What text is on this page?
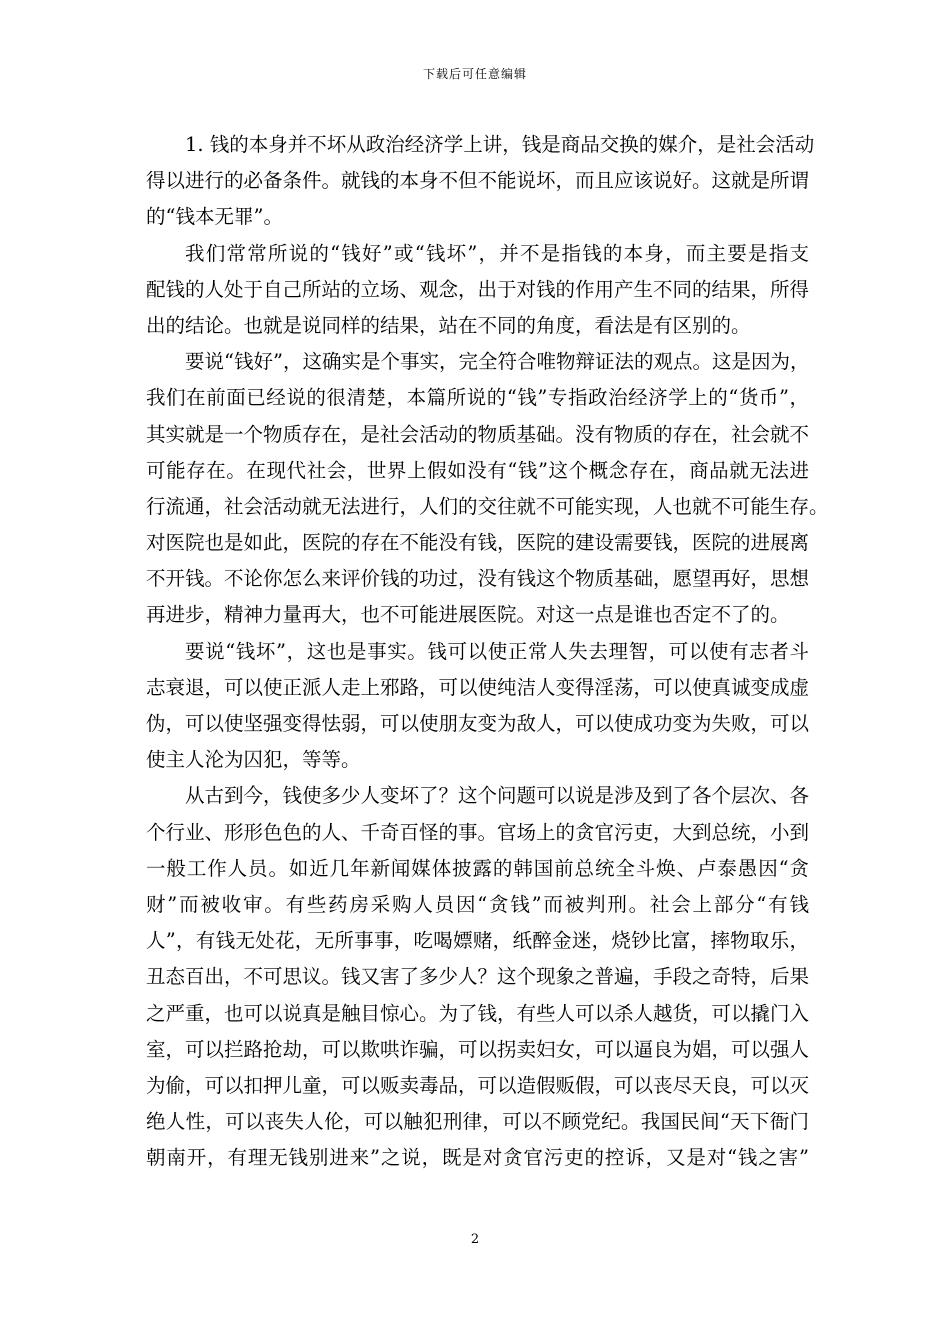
下载后可任意编辑
1. 钱的本身并不坏从政治经济学上讲，钱是商品交换的媒介，是社会活动
得以进行的必备条件。就钱的本身不但不能说坏，而且应该说好。这就是所谓
的“钱本无罪”。
我们常常所说的“钱好”或“钱坏”，并不是指钱的本身，而主要是指支
配钱的人处于自己所站的立场、观念，出于对钱的作用产生不同的结果，所得
出的结论。也就是说同样的结果，站在不同的角度，看法是有区别的。
要说“钱好”，这确实是个事实，完全符合唯物辩证法的观点。这是因为，
我们在前面已经说的很清楚，本篇所说的“钱”专指政治经济学上的“货币”，
其实就是一个物质存在，是社会活动的物质基础。没有物质的存在，社会就不
可能存在。在现代社会，世界上假如没有“钱”这个概念存在，商品就无法进
行流通，社会活动就无法进行，人们的交往就不可能实现，人也就不可能生存。
对医院也是如此，医院的存在不能没有钱，医院的建设需要钱，医院的进展离
不开钱。不论你怎么来评价钱的功过，没有钱这个物质基础，愿望再好，思想
再进步，精神力量再大，也不可能进展医院。对这一点是谁也否定不了的。
要说“钱坏”，这也是事实。钱可以使正常人失去理智，可以使有志者斗
志衰退，可以使正派人走上邪路，可以使纯洁人变得淫荡，可以使真诚变成虚
伪，可以使坚强变得怯弱，可以使朋友变为敌人，可以使成功变为失败，可以
使主人沦为囚犯，等等。
从古到今，钱使多少人变坏了？这个问题可以说是涉及到了各个层次、各
个行业、形形色色的人、千奇百怪的事。官场上的贪官污吏，大到总统，小到
一般工作人员。如近几年新闻媒体披露的韩国前总统全斗焕、卢泰愚因“贪
财”而被收审。有些药房采购人员因“贪钱”而被判刑。社会上部分“有钱
人”，有钱无处花，无所事事，吃喝嫖赌，纸醉金迷，烧钞比富，摔物取乐，
丑态百出，不可思议。钱又害了多少人？这个现象之普遍，手段之奇特，后果
之严重，也可以说真是触目惊心。为了钱，有些人可以杀人越货，可以撬门入
室，可以拦路抢劫，可以欺哄诈骗，可以拐卖妇女，可以逼良为娼，可以强人
为偷，可以扣押儿童，可以贩卖毒品，可以造假贩假，可以丧尽天良，可以灭
绝人性，可以丧失人伦，可以触犯刑律，可以不顾党纪。我国民间“天下衙门
朝南开，有理无钱别进来”之说，既是对贪官污吏的控诉，又是对“钱之害”
2
